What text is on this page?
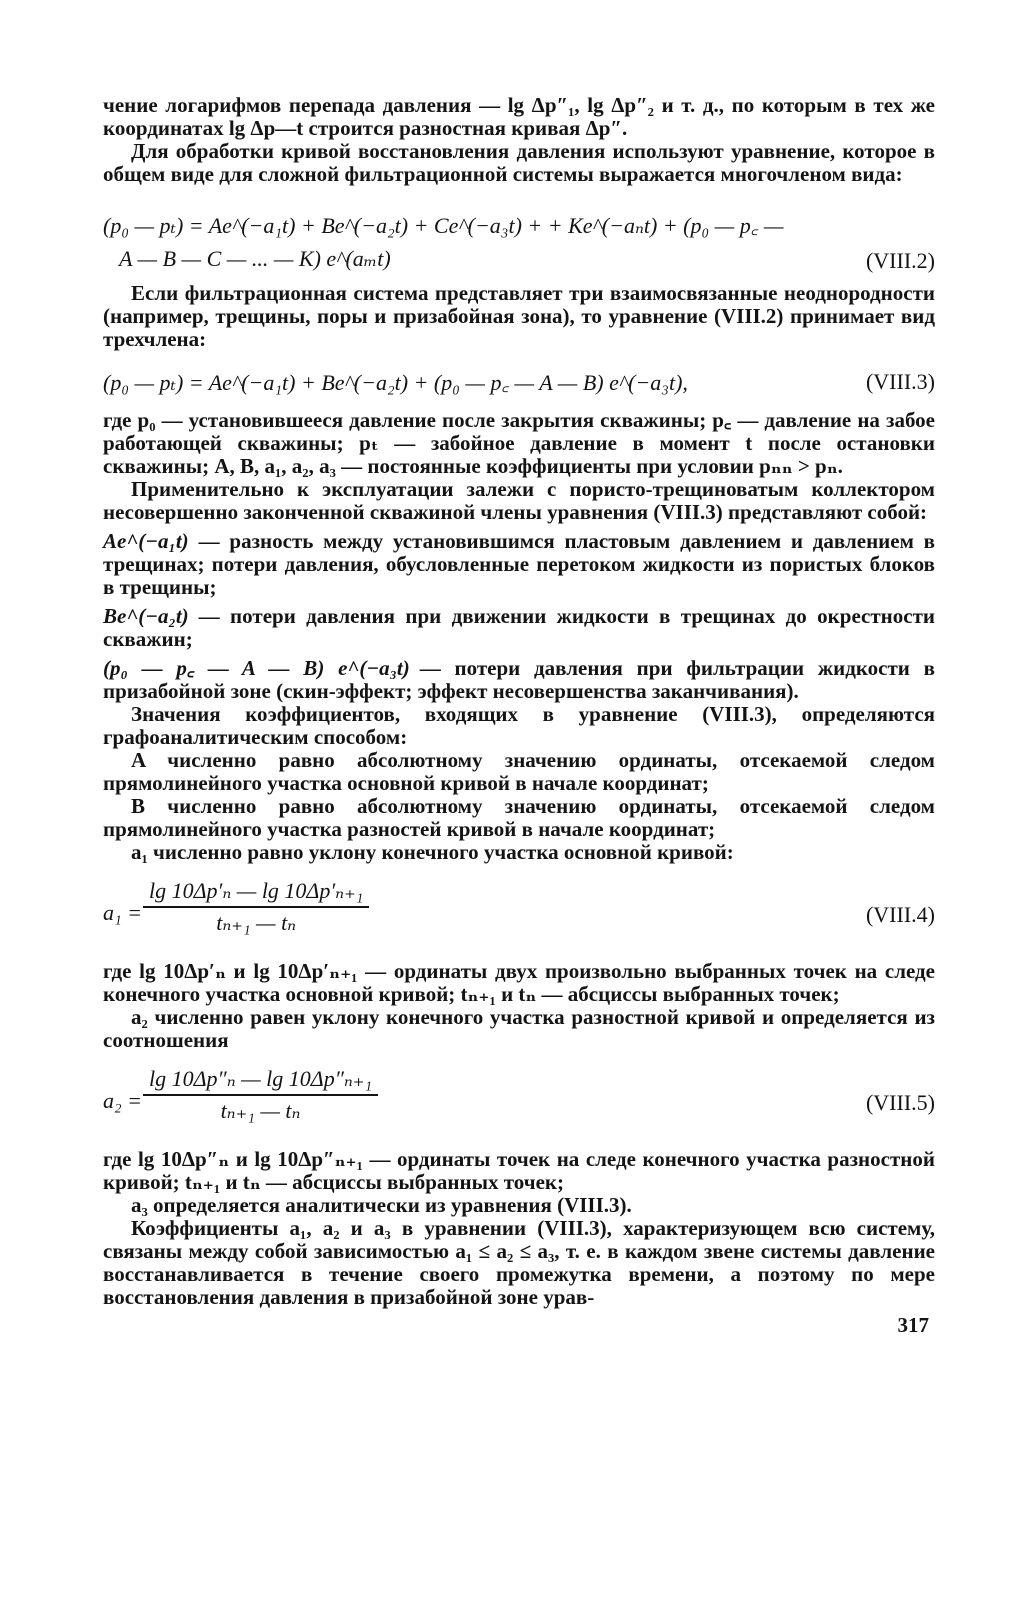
чение логарифмов перепада давления — lg Δp″₁, lg Δp″₂ и т. д., по которым в тех же координатах lg Δp—t строится разностная кривая Δp″.

Для обработки кривой восстановления давления используют уравнение, которое в общем виде для сложной фильтрационной системы выражается многочленом вида:

(p₀ — pₜ) = Ae^(−a₁t) + Be^(−a₂t) + Ce^(−a₃t) + + Ke^(−aₙt) + (p₀ — p꜀ —
A — B — C — ... — K) e^(aₘt)	(VIII.2)

Если фильтрационная система представляет три взаимосвязанные неоднородности (например, трещины, поры и призабойная зона), то уравнение (VIII.2) принимает вид трехчлена:

(p₀ — pₜ) = Ae^(−a₁t) + Be^(−a₂t) + (p₀ — p꜀ — A — B) e^(−a₃t),	(VIII.3)

где p₀ — установившееся давление после закрытия скважины; p꜀ — давление на забое работающей скважины; pₜ — забойное давление в момент t после остановки скважины; A, B, a₁, a₂, a₃ — постоянные коэффициенты при условии pₙₙ > pₙ.

Применительно к эксплуатации залежи с пористо-трещиноватым коллектором несовершенно законченной скважиной члены уравнения (VIII.3) представляют собой:

Ae^(−a₁t) — разность между установившимся пластовым давлением и давлением в трещинах; потери давления, обусловленные перетоком жидкости из пористых блоков в трещины;

Be^(−a₂t) — потери давления при движении жидкости в трещинах до окрестности скважин;

(p₀ — p꜀ — A — B) e^(−a₃t) — потери давления при фильтрации жидкости в призабойной зоне (скин-эффект; эффект несовершенства заканчивания).

Значения коэффициентов, входящих в уравнение (VIII.3), определяются графоаналитическим способом:

A численно равно абсолютному значению ординаты, отсекаемой следом прямолинейного участка основной кривой в начале координат;

B численно равно абсолютному значению ординаты, отсекаемой следом прямолинейного участка разностей кривой в начале координат;

a₁ численно равно уклону конечного участка основной кривой:

$a_1 = \frac{\text{lg 10Δp′ₙ — lg 10Δp′ₙ₊₁}}{\text{tₙ₊₁ — tₙ}}$	(VIII.4)

где lg 10Δp′ₙ и lg 10Δp′ₙ₊₁ — ординаты двух произвольно выбранных точек на следе конечного участка основной кривой; tₙ₊₁ и tₙ — абсциссы выбранных точек;

a₂ численно равен уклону конечного участка разностной кривой и определяется из соотношения

$a_2 = \frac{\text{lg 10Δp″ₙ — lg 10Δp″ₙ₊₁}}{\text{tₙ₊₁ — tₙ}}$	(VIII.5)

где lg 10Δp″ₙ и lg 10Δp″ₙ₊₁ — ординаты точек на следе конечного участка разностной кривой; tₙ₊₁ и tₙ — абсциссы выбранных точек;

a₃ определяется аналитически из уравнения (VIII.3).

Коэффициенты a₁, a₂ и a₃ в уравнении (VIII.3), характеризующем всю систему, связаны между собой зависимостью a₁ ≤ a₂ ≤ a₃, т. е. в каждом звене системы давление восстанавливается в течение своего промежутка времени, а поэтому по мере восстановления давления в призабойной зоне урав-

317
